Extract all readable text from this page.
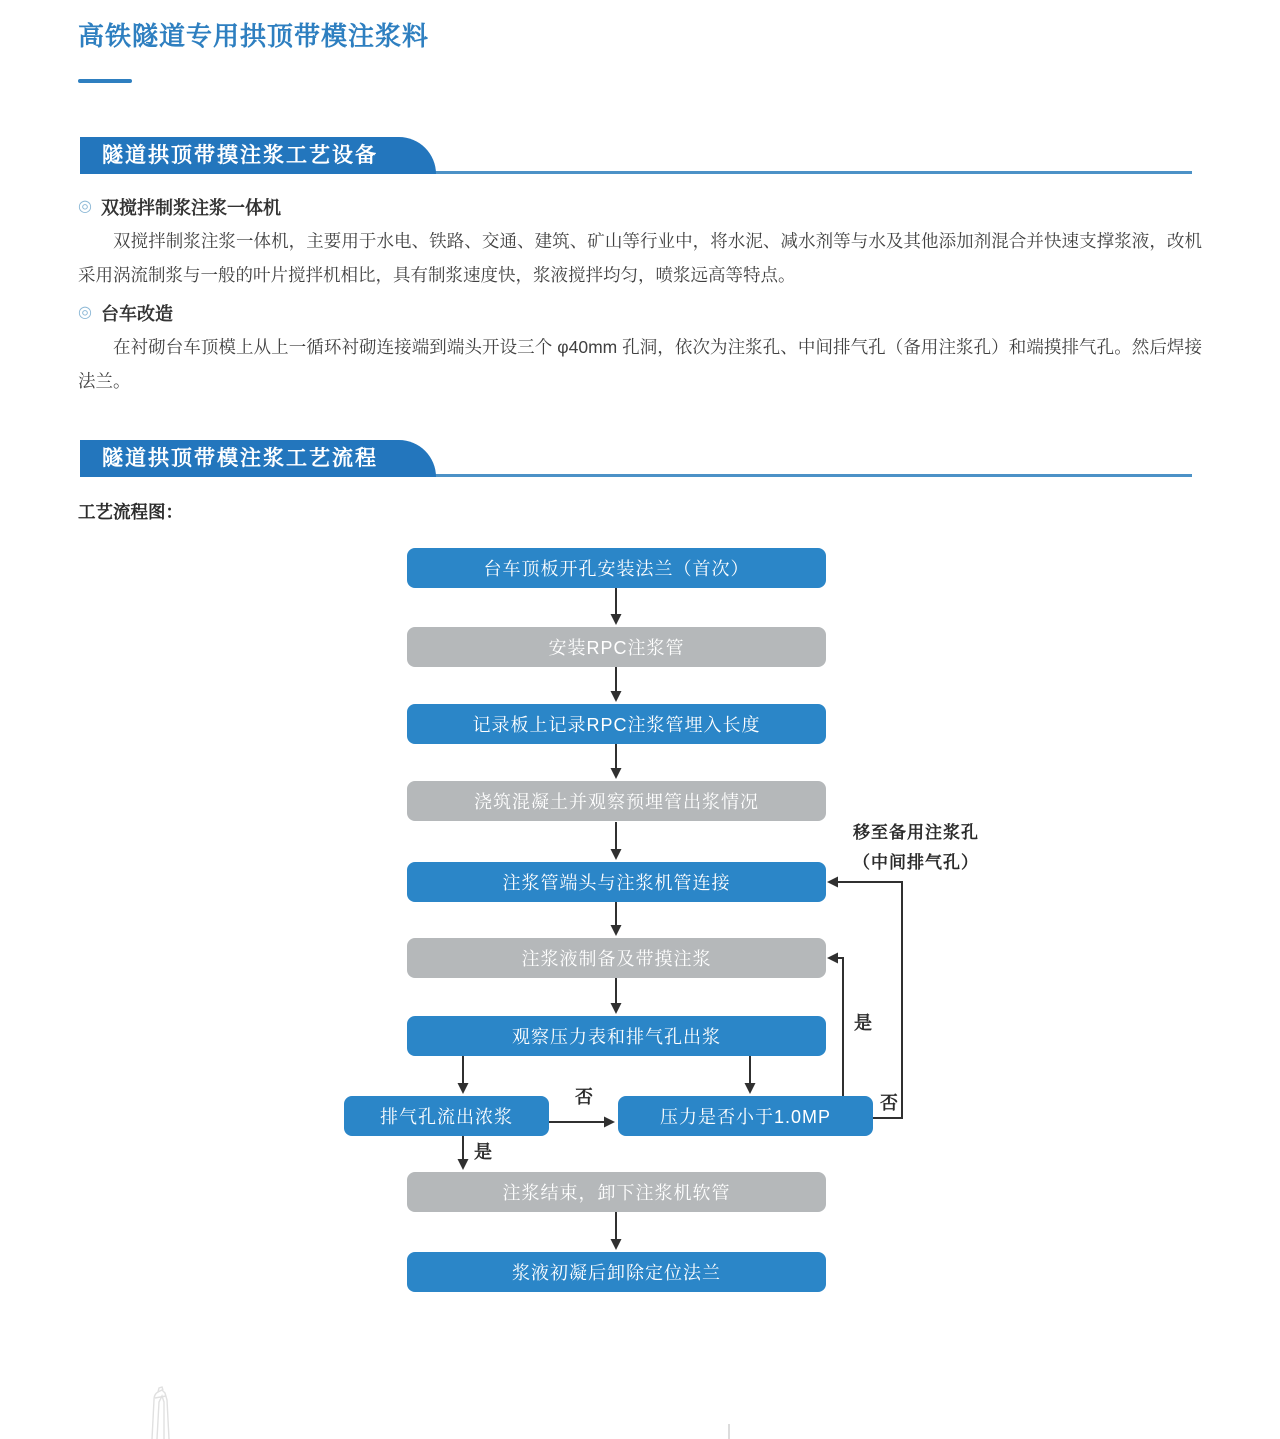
高铁隧道专用拱顶带模注浆料
隧道拱顶带摸注浆工艺设备
◎ 双搅拌制浆注浆一体机

双搅拌制浆注浆一体机，主要用于水电、铁路、交通、建筑、矿山等行业中，将水泥、减水剂等与水及其他添加剂混合并快速支撑浆液，改机采用涡流制浆与一般的叶片搅拌机相比，具有制浆速度快，浆液搅拌均匀，喷浆远高等特点。

◎ 台车改造

在衬砌台车顶模上从上一循环衬砌连接端到端头开设三个 φ40mm 孔洞，依次为注浆孔、中间排气孔（备用注浆孔）和端摸排气孔。然后焊接法兰。

隧道拱顶带模注浆工艺流程
工艺流程图：
台车顶板开孔安装法兰（首次）
安装RPC注浆管
记录板上记录RPC注浆管埋入长度
浇筑混凝土并观察预埋管出浆情况
注浆管端头与注浆机管连接
注浆液制备及带摸注浆
观察压力表和排气孔出浆
排气孔流出浓浆	压力是否小于1.0MP
注浆结束，卸下注浆机软管
浆液初凝后卸除定位法兰
否
是
是
否
移至备用注浆孔
（中间排气孔）
